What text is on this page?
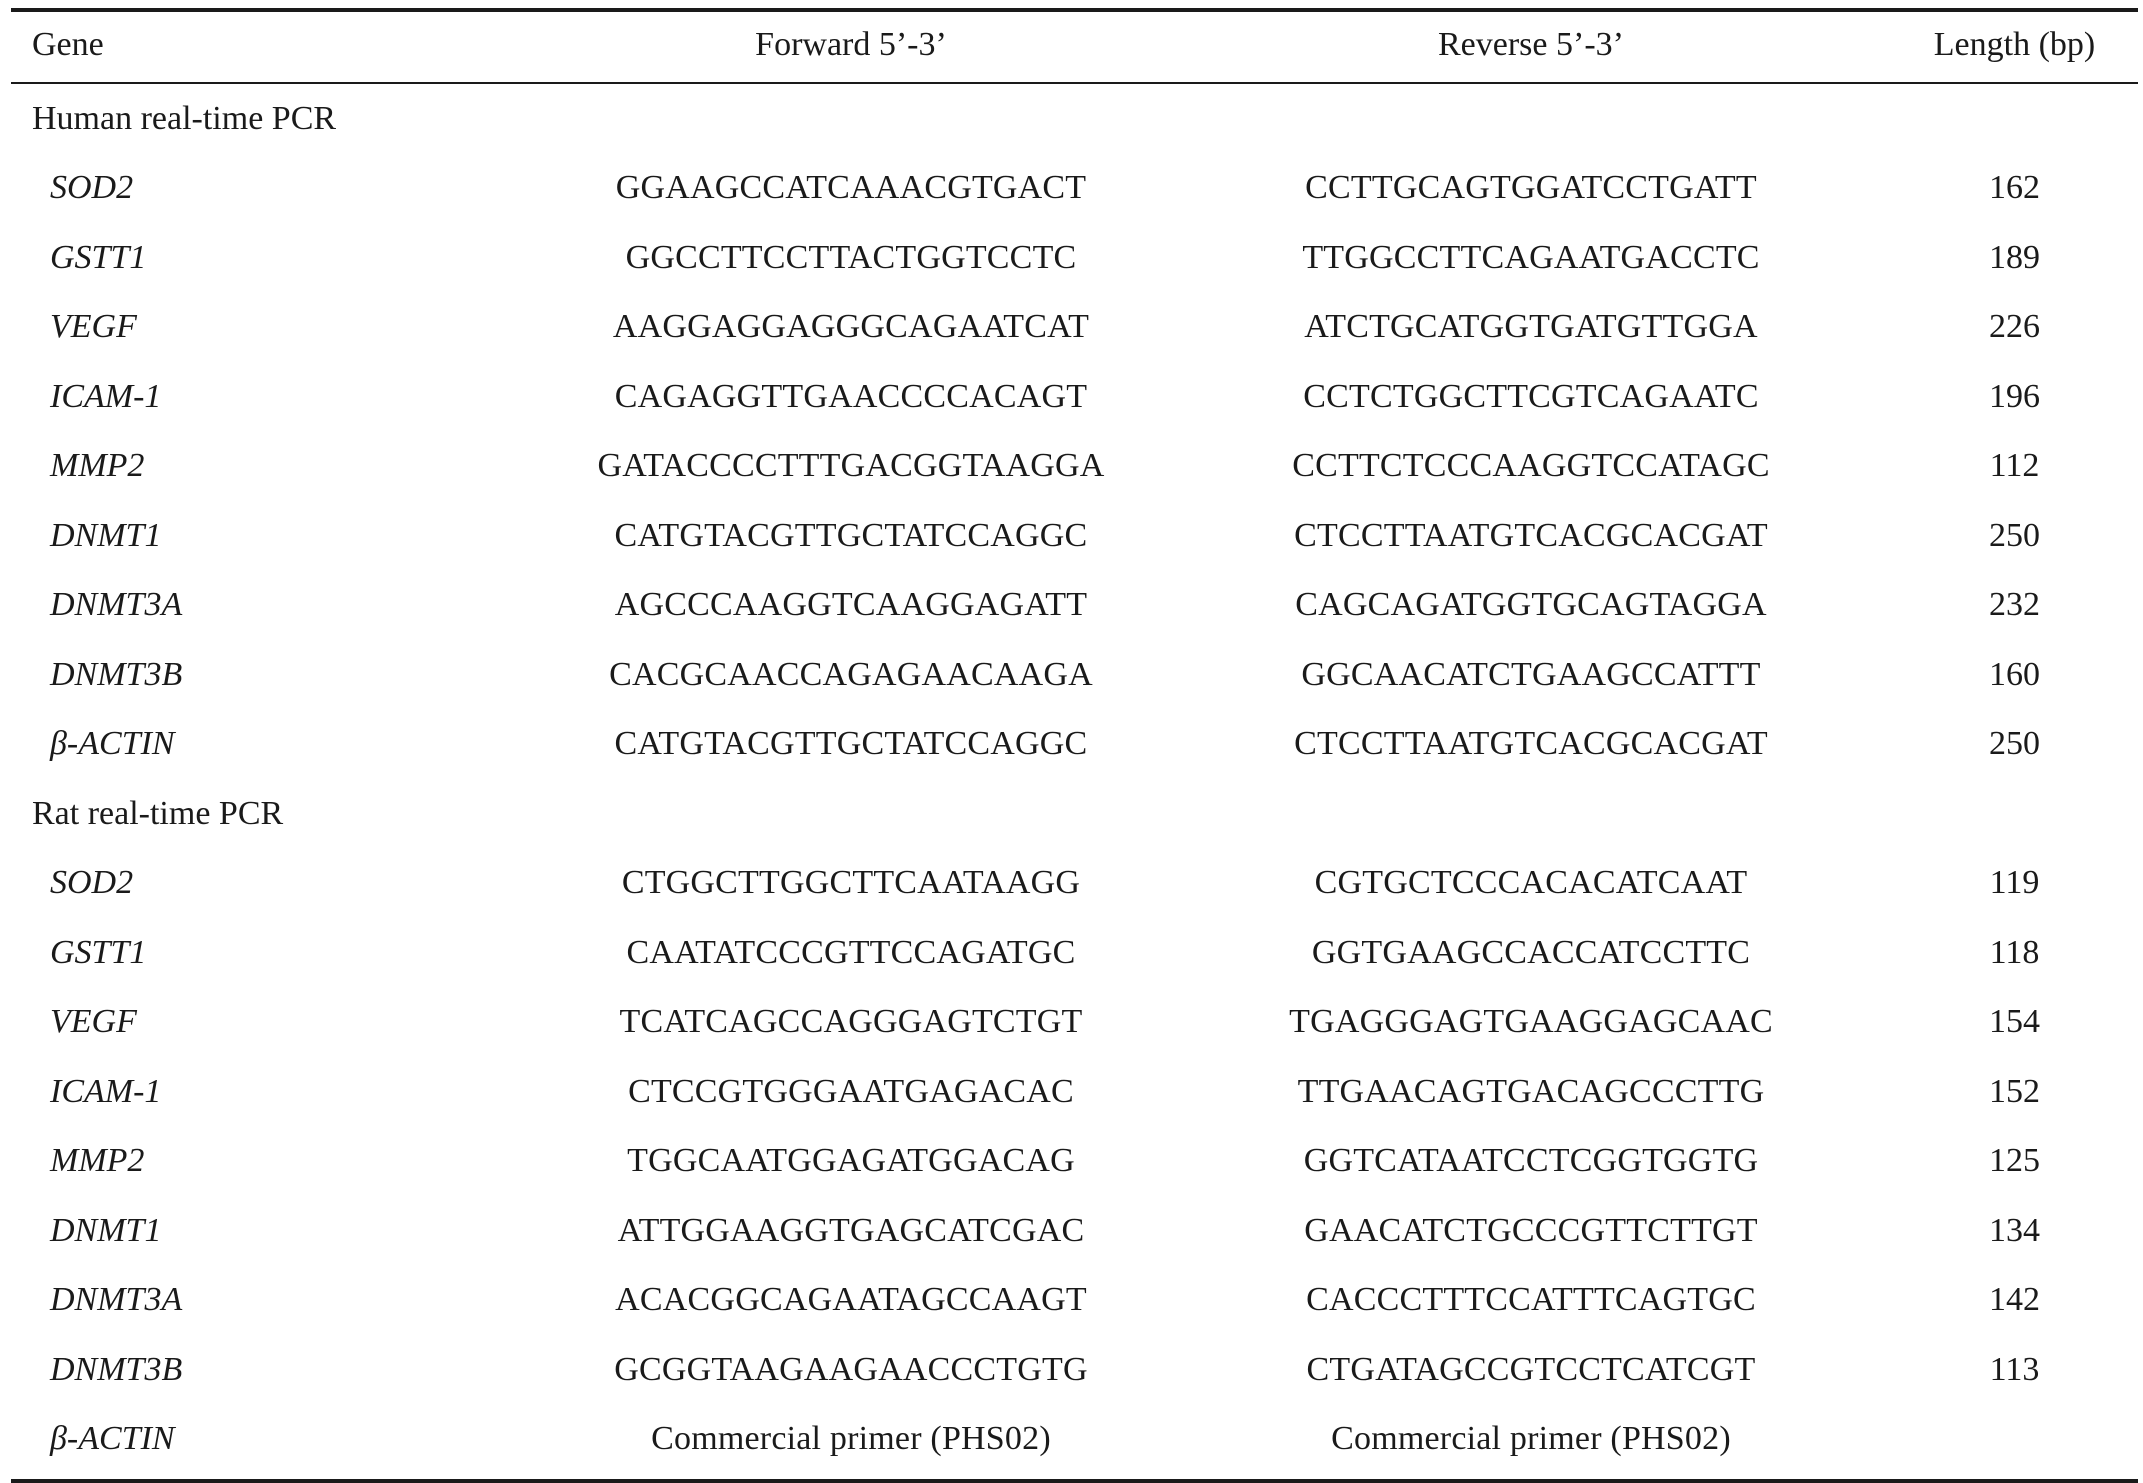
Gene	Forward 5’-3’	Reverse 5’-3’	Length (bp)
Human real-time PCR
SOD2	GGAAGCCATCAAACGTGACT	CCTTGCAGTGGATCCTGATT	162
GSTT1	GGCCTTCCTTACTGGTCCTC	TTGGCCTTCAGAATGACCTC	189
VEGF	AAGGAGGAGGGCAGAATCAT	ATCTGCATGGTGATGTTGGA	226
ICAM-1	CAGAGGTTGAACCCCACAGT	CCTCTGGCTTCGTCAGAATC	196
MMP2	GATACCCCTTTGACGGTAAGGA	CCTTCTCCCAAGGTCCATAGC	112
DNMT1	CATGTACGTTGCTATCCAGGC	CTCCTTAATGTCACGCACGAT	250
DNMT3A	AGCCCAAGGTCAAGGAGATT	CAGCAGATGGTGCAGTAGGA	232
DNMT3B	CACGCAACCAGAGAACAAGA	GGCAACATCTGAAGCCATTT	160
β-ACTIN	CATGTACGTTGCTATCCAGGC	CTCCTTAATGTCACGCACGAT	250
Rat real-time PCR
SOD2	CTGGCTTGGCTTCAATAAGG	CGTGCTCCCACACATCAAT	119
GSTT1	CAATATCCCGTTCCAGATGC	GGTGAAGCCACCATCCTTC	118
VEGF	TCATCAGCCAGGGAGTCTGT	TGAGGGAGTGAAGGAGCAAC	154
ICAM-1	CTCCGTGGGAATGAGACAC	TTGAACAGTGACAGCCCTTG	152
MMP2	TGGCAATGGAGATGGACAG	GGTCATAATCCTCGGTGGTG	125
DNMT1	ATTGGAAGGTGAGCATCGAC	GAACATCTGCCCGTTCTTGT	134
DNMT3A	ACACGGCAGAATAGCCAAGT	CACCCTTTCCATTTCAGTGC	142
DNMT3B	GCGGTAAGAAGAACCCTGTG	CTGATAGCCGTCCTCATCGT	113
β-ACTIN	Commercial primer (PHS02)	Commercial primer (PHS02)
